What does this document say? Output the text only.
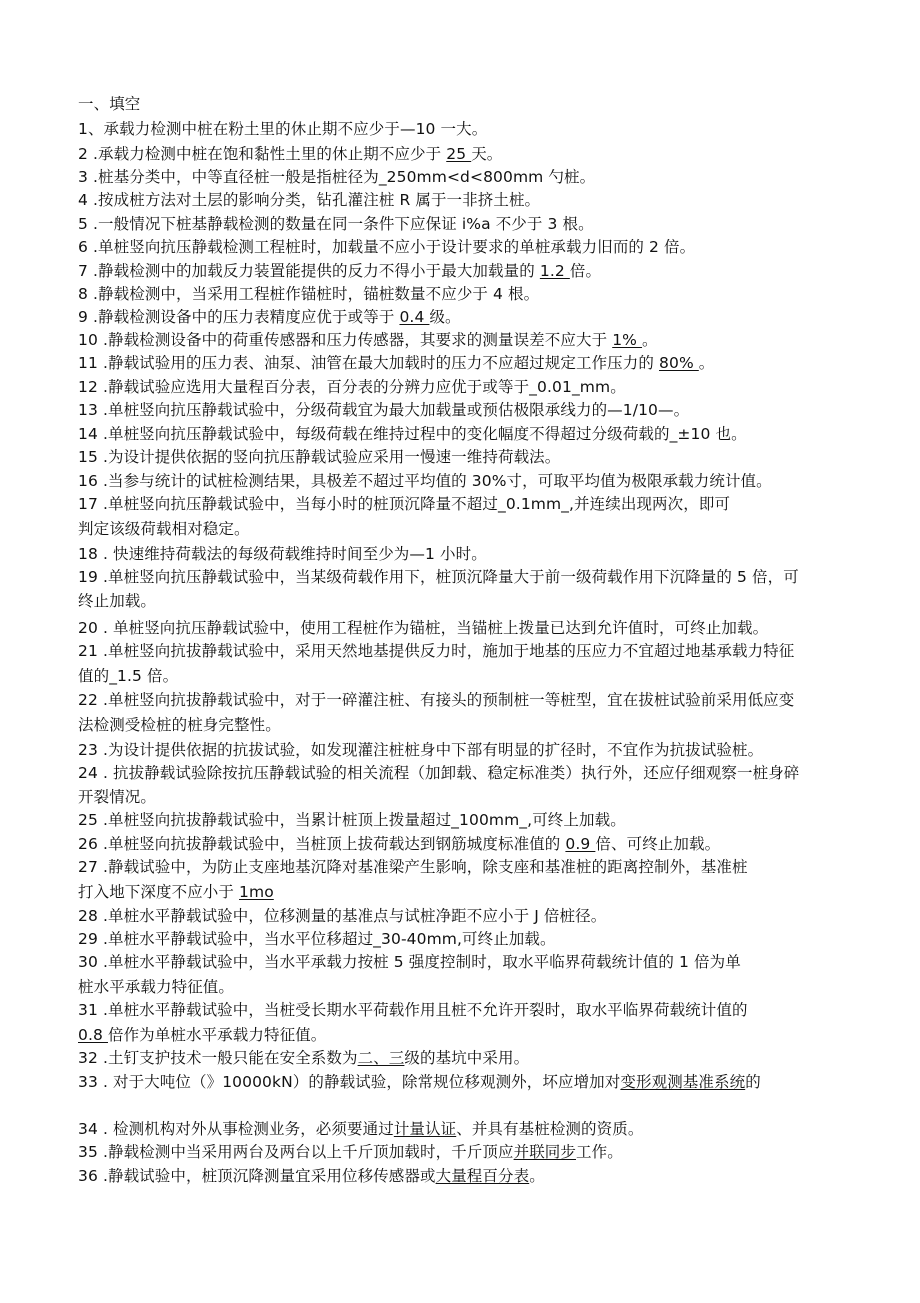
一、填空
1、承载力检测中桩在粉土里的休止期不应少于—10 一大。
2 .承载力检测中桩在饱和黏性土里的休止期不应少于 25 天。
3 .桩基分类中，中等直径桩一般是指桩径为_250mm<d<800mm 勺桩。
4 .按成桩方法对土层的影响分类，钻孔灌注桩 R 属于一非挤土桩。
5 .一般情况下桩基静载检测的数量在同一条件下应保证 i%a 不少于 3 根。
6 .单桩竖向抗压静载检测工程桩时，加载量不应小于设计要求的单桩承载力旧而的 2 倍。
7 .静载检测中的加载反力装置能提供的反力不得小于最大加载量的 1.2 倍。
8 .静载检测中，当采用工程桩作锚桩时，锚桩数量不应少于 4 根。
9 .静载检测设备中的压力表精度应优于或等于 0.4 级。
10 .静载检测设备中的荷重传感器和压力传感器，其要求的测量误差不应大于 1% 。
11 .静载试验用的压力表、油泵、油管在最大加载时的压力不应超过规定工作压力的 80% 。
12 .静载试验应选用大量程百分表，百分表的分辨力应优于或等于_0.01_mm。
13 .单桩竖向抗压静载试验中，分级荷载宜为最大加载量或预估极限承线力的—1/10—。
14 .单桩竖向抗压静载试验中，每级荷载在维持过程中的变化幅度不得超过分级荷载的_±10 也。
15 .为设计提供依据的竖向抗压静载试验应采用一慢速一维持荷载法。
16 .当参与统计的试桩检测结果，具极差不超过平均值的 30%寸，可取平均值为极限承载力统计值。
17 .单桩竖向抗压静载试验中，当每小时的桩顶沉降量不超过_0.1mm_,并连续出现两次，即可
判定该级荷载相对稳定。
18 . 快速维持荷载法的每级荷载维持时间至少为—1 小时。
19 .单桩竖向抗压静载试验中，当某级荷载作用下，桩顶沉降量大于前一级荷载作用下沉降量的 5 倍，可
终止加载。
20 . 单桩竖向抗压静载试验中，使用工程桩作为锚桩，当锚桩上拨量已达到允许值时，可终止加载。
21 .单桩竖向抗拔静载试验中，采用天然地基提供反力时，施加于地基的压应力不宜超过地基承载力特征
值的_1.5 倍。
22 .单桩竖向抗拔静载试验中，对于一碎灌注桩、有接头的预制桩一等桩型，宜在拔桩试验前采用低应变
法检测受检桩的桩身完整性。
23 .为设计提供依据的抗拔试验，如发现灌注桩桩身中下部有明显的扩径时，不宜作为抗拔试验桩。
24 . 抗拔静载试验除按抗压静载试验的相关流程（加卸载、稳定标准类）执行外，还应仔细观察一桩身碎
开裂情况。
25 .单桩竖向抗拔静载试验中，当累计桩顶上拨量超过_100mm_,可终上加载。
26 .单桩竖向抗拔静载试验中，当桩顶上拔荷载达到钢筋城度标准值的 0.9 倍、可终止加载。
27 .静载试验中，为防止支座地基沉降对基准梁产生影响，除支座和基准桩的距离控制外，基准桩
打入地下深度不应小于 1mo
28 .单桩水平静载试验中，位移测量的基准点与试桩净距不应小于 J 倍桩径。
29 .单桩水平静载试验中，当水平位移超过_30-40mm,可终止加载。
30 .单桩水平静载试验中，当水平承载力按桩 5 强度控制时，取水平临界荷载统计值的 1 倍为单
桩水平承载力特征值。
31 .单桩水平静载试验中，当桩受长期水平荷载作用且桩不允许开裂时，取水平临界荷载统计值的
0.8 倍作为单桩水平承载力特征值。
32 .土钉支护技术一般只能在安全系数为二、三级的基坑中采用。
33 . 对于大吨位（》10000kN）的静载试验，除常规位移观测外，坏应增加对变形观测基准系统的
34 . 检测机构对外从事检测业务，必须要通过计量认证、并具有基桩检测的资质。
35 .静载检测中当采用两台及两台以上千斤顶加载时，千斤顶应并联同步工作。
36 .静载试验中，桩顶沉降测量宜采用位移传感器或大量程百分表。
